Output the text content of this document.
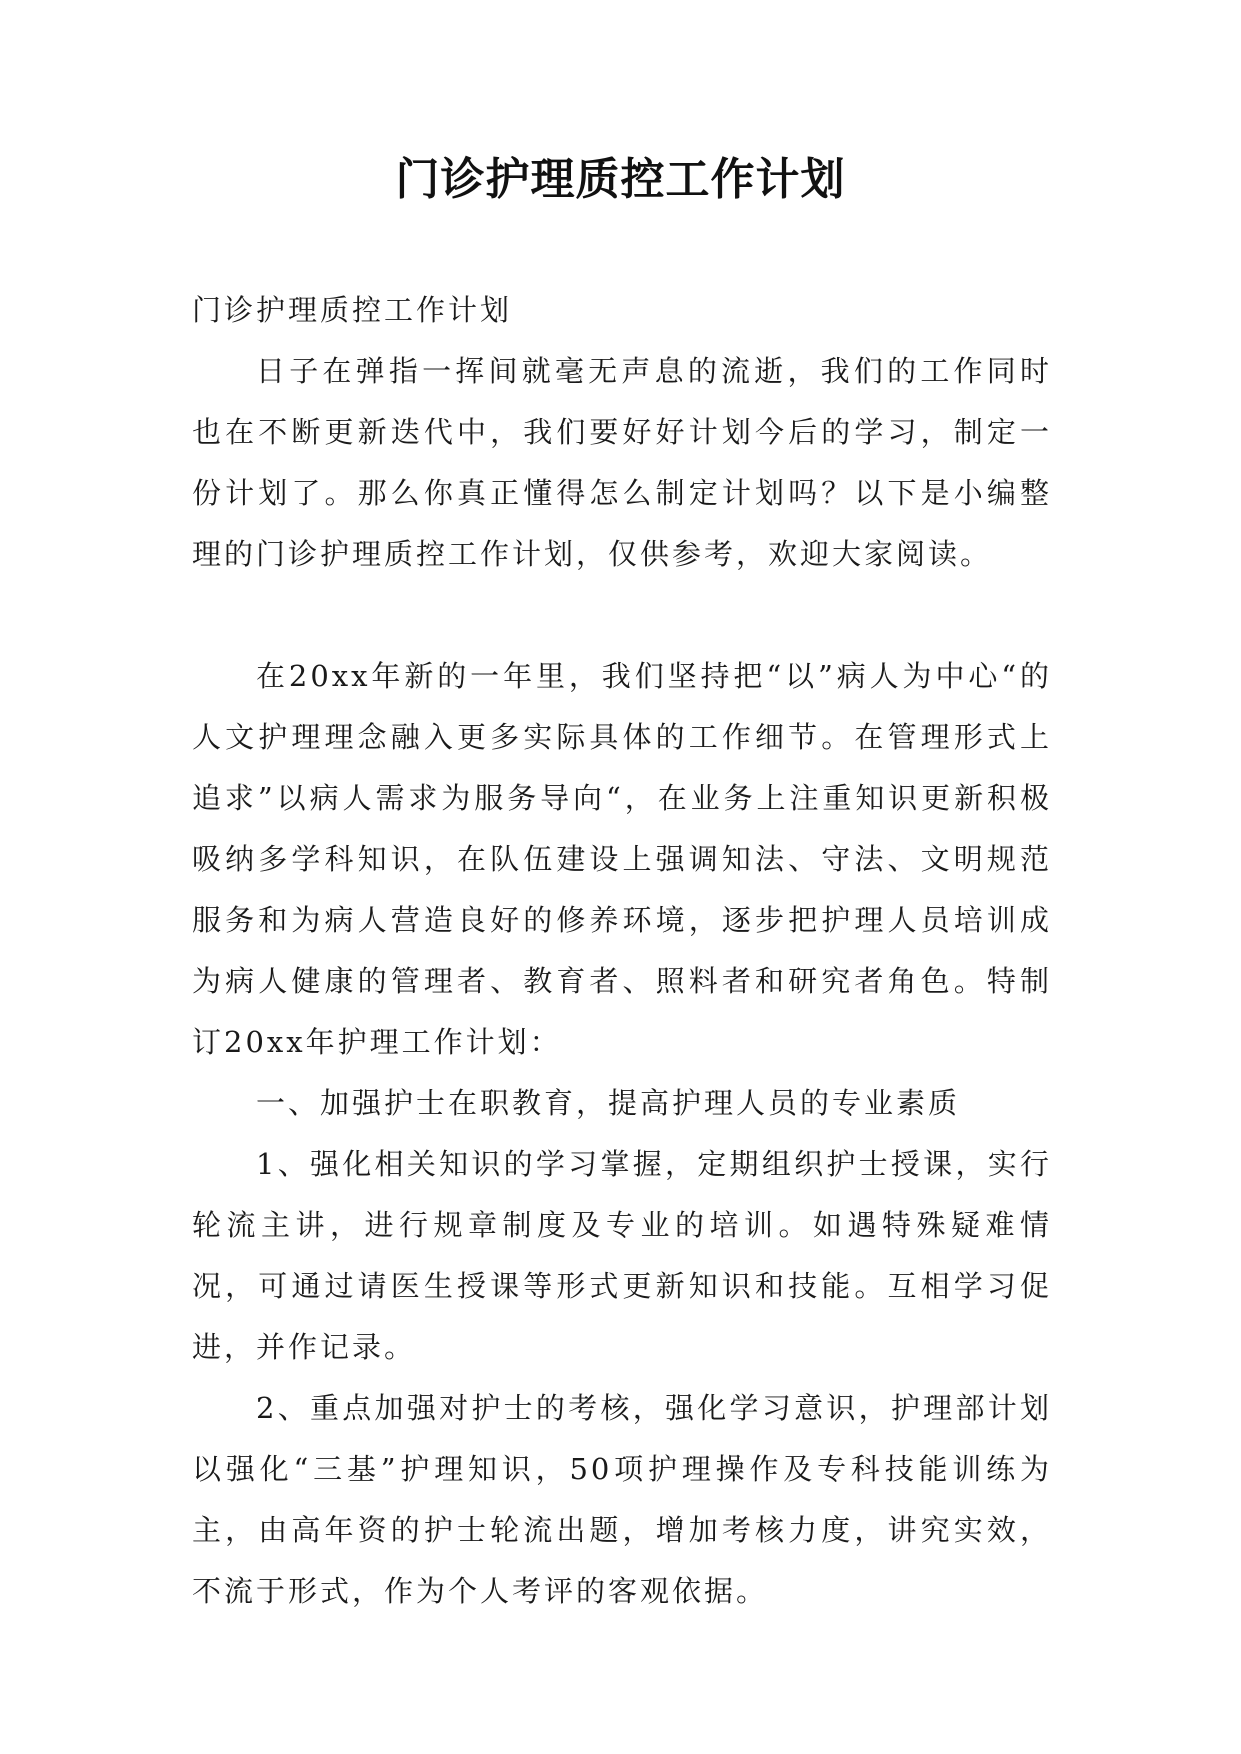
门诊护理质控工作计划

门诊护理质控工作计划

日子在弹指一挥间就毫无声息的流逝，我们的工作同时也在不断更新迭代中，我们要好好计划今后的学习，制定一份计划了。那么你真正懂得怎么制定计划吗？以下是小编整理的门诊护理质控工作计划，仅供参考，欢迎大家阅读。

在20xx年新的一年里，我们坚持把“以”病人为中心“的人文护理理念融入更多实际具体的工作细节。在管理形式上追求”以病人需求为服务导向“，在业务上注重知识更新积极吸纳多学科知识，在队伍建设上强调知法、守法、文明规范服务和为病人营造良好的修养环境，逐步把护理人员培训成为病人健康的管理者、教育者、照料者和研究者角色。特制订20xx年护理工作计划：

一、加强护士在职教育，提高护理人员的专业素质

1、强化相关知识的学习掌握，定期组织护士授课，实行轮流主讲，进行规章制度及专业的培训。如遇特殊疑难情况，可通过请医生授课等形式更新知识和技能。互相学习促进，并作记录。

2、重点加强对护士的考核，强化学习意识，护理部计划以强化“三基”护理知识，50项护理操作及专科技能训练为主，由高年资的护士轮流出题，增加考核力度，讲究实效，不流于形式，作为个人考评的客观依据。
